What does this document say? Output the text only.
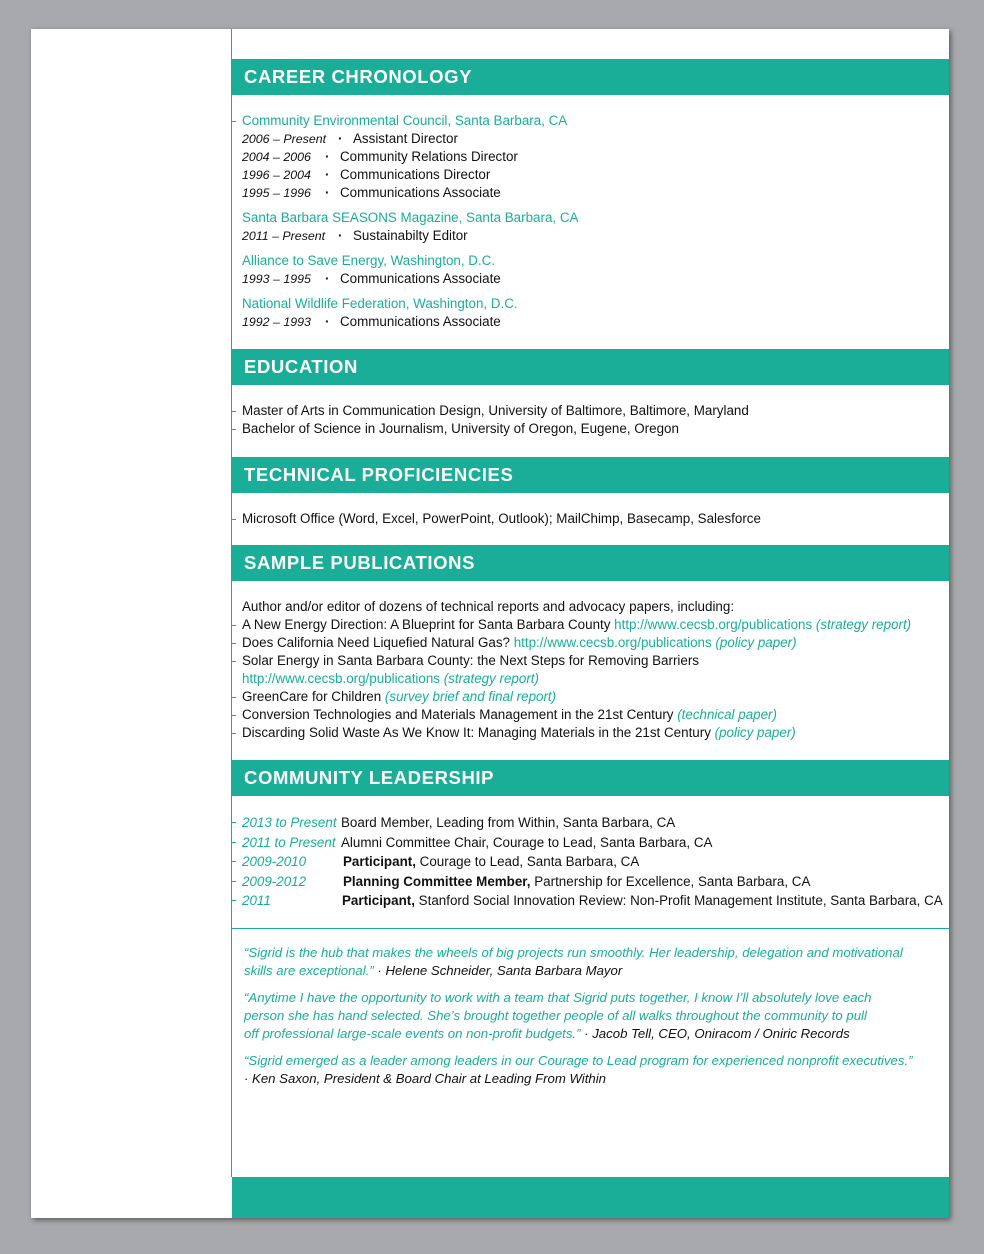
CAREER CHRONOLOGY
Community Environmental Council, Santa Barbara, CA
2006 – Present · Assistant Director
2004 – 2006 · Community Relations Director
1996 – 2004 · Communications Director
1995 – 1996 · Communications Associate
Santa Barbara SEASONS Magazine, Santa Barbara, CA
2011 – Present · Sustainabilty Editor
Alliance to Save Energy, Washington, D.C.
1993 – 1995 · Communications Associate
National Wildlife Federation, Washington, D.C.
1992 – 1993 · Communications Associate
EDUCATION
Master of Arts in Communication Design, University of Baltimore, Baltimore, Maryland
Bachelor of Science in Journalism, University of Oregon, Eugene, Oregon
TECHNICAL PROFICIENCIES
Microsoft Office (Word, Excel, PowerPoint, Outlook); MailChimp, Basecamp, Salesforce
SAMPLE PUBLICATIONS
Author and/or editor of dozens of technical reports and advocacy papers, including:
A New Energy Direction: A Blueprint for Santa Barbara County http://www.cecsb.org/publications (strategy report)
Does California Need Liquefied Natural Gas? http://www.cecsb.org/publications (policy paper)
Solar Energy in Santa Barbara County: the Next Steps for Removing Barriers
http://www.cecsb.org/publications (strategy report)
GreenCare for Children (survey brief and final report)
Conversion Technologies and Materials Management in the 21st Century (technical paper)
Discarding Solid Waste As We Know It: Managing Materials in the 21st Century (policy paper)
COMMUNITY LEADERSHIP
2013 to Present Board Member, Leading from Within, Santa Barbara, CA
2011 to Present Alumni Committee Chair, Courage to Lead, Santa Barbara, CA
2009-2010	Participant, Courage to Lead, Santa Barbara, CA
2009-2012	Planning Committee Member, Partnership for Excellence, Santa Barbara, CA
2011	Participant, Stanford Social Innovation Review: Non-Profit Management Institute, Santa Barbara, CA
“Sigrid is the hub that makes the wheels of big projects run smoothly. Her leadership, delegation and motivational
skills are exceptional.” · Helene Schneider, Santa Barbara Mayor
“Anytime I have the opportunity to work with a team that Sigrid puts together, I know I’ll absolutely love each
person she has hand selected. She’s brought together people of all walks throughout the community to pull
off professional large-scale events on non-profit budgets.” · Jacob Tell, CEO, Oniracom / Oniric Records
“Sigrid emerged as a leader among leaders in our Courage to Lead program for experienced nonprofit executives.”
· Ken Saxon, President & Board Chair at Leading From Within
